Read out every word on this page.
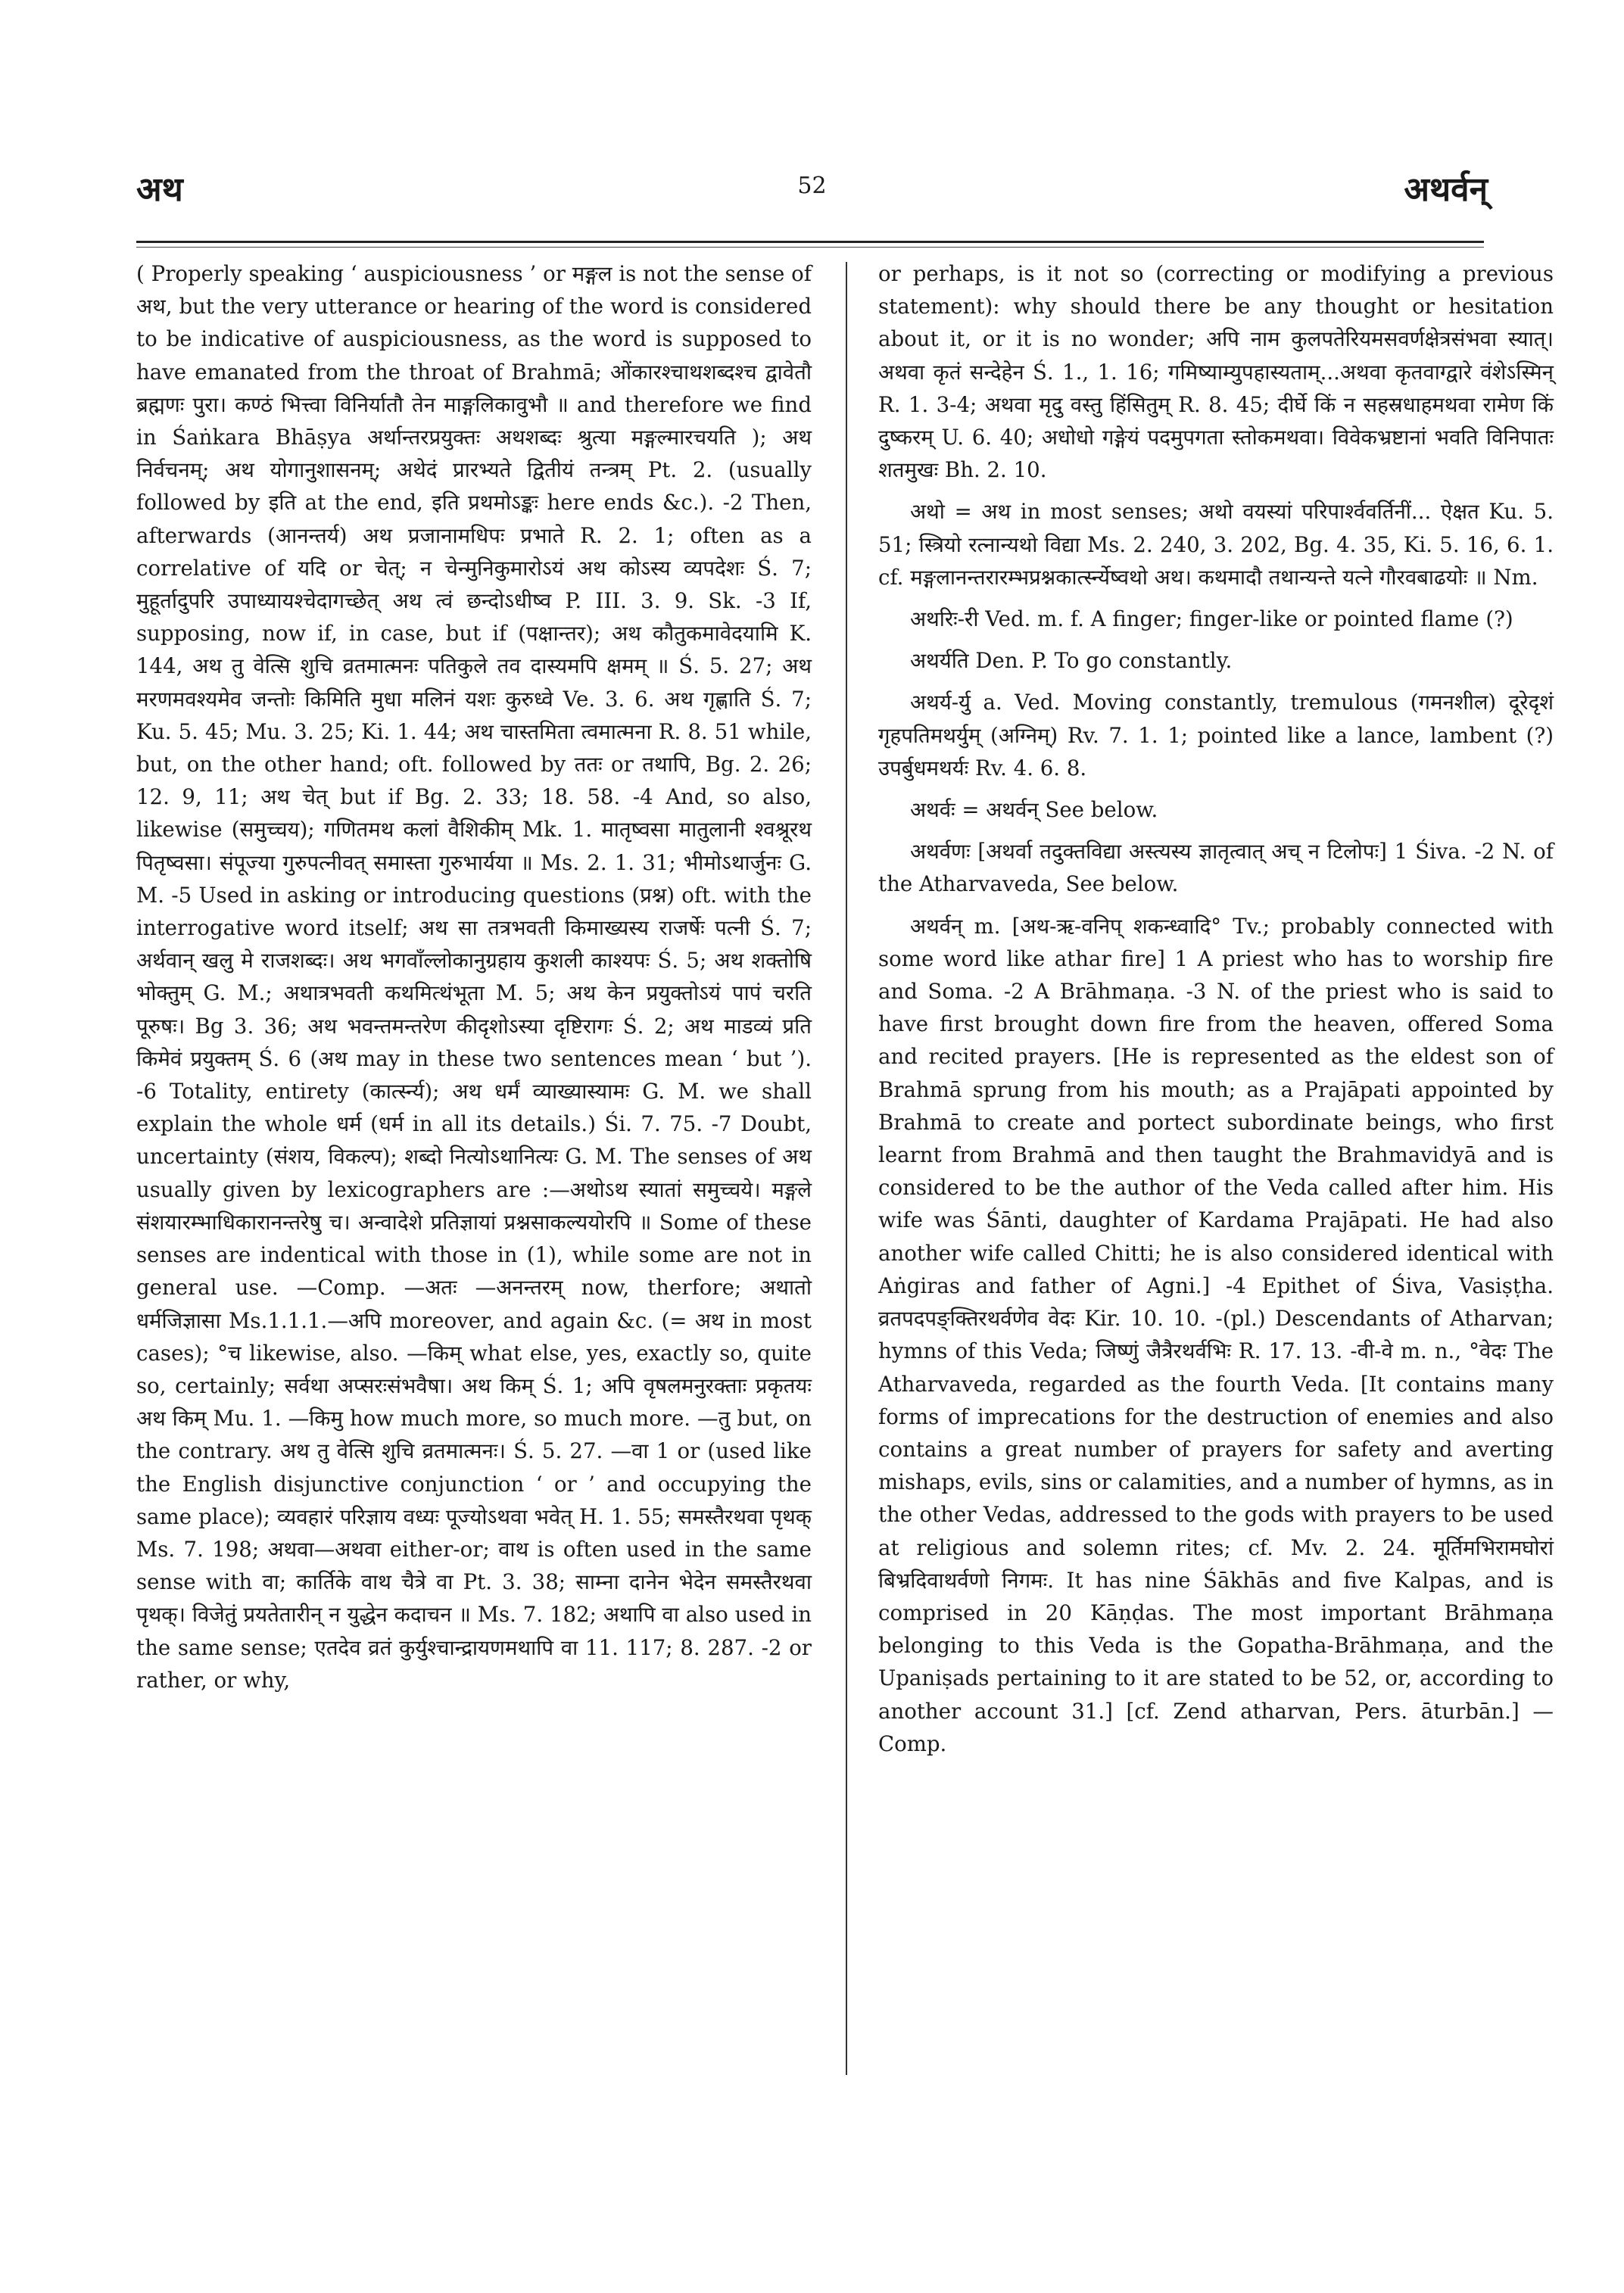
अथ	52	अथर्वन्

( Properly speaking ‘ auspiciousness ’ or मङ्गल is not the sense of अथ, but the very utterance or hearing of the word is considered to be indicative of auspiciousness, as the word is supposed to have emanated from the throat of Brahmā; ओंकारश्चाथशब्दश्च द्वावेतौ ब्रह्मणः पुरा। कण्ठं भित्त्वा विनिर्यातौ तेन माङ्गलिकावुभौ ॥ and therefore we find in Śaṅkara Bhāṣya अर्थान्तरप्रयुक्तः अथशब्दः श्रुत्या मङ्गल्मारचयति ); अथ निर्वचनम्; अथ योगानुशासनम्; अथेदं प्रारभ्यते द्वितीयं तन्त्रम् Pt. 2. (usually followed by इति at the end, इति प्रथमोऽङ्कः here ends &c.). -2 Then, afterwards (आनन्तर्य) अथ प्रजानामधिपः प्रभाते R. 2. 1; often as a correlative of यदि or चेत्; न चेन्मुनिकुमारोऽयं अथ कोऽस्य व्यपदेशः Ś. 7; मुहूर्तादुपरि उपाध्यायश्चेदागच्छेत् अथ त्वं छन्दोऽधीष्व P. III. 3. 9. Sk. -3 If, supposing, now if, in case, but if (पक्षान्तर); अथ कौतुकमावेदयामि K. 144, अथ तु वेत्सि शुचि व्रतमात्मनः पतिकुले तव दास्यमपि क्षमम् ॥ Ś. 5. 27; अथ मरणमवश्यमेव जन्तोः किमिति मुधा मलिनं यशः कुरुध्वे Ve. 3. 6. अथ गृह्णाति Ś. 7; Ku. 5. 45; Mu. 3. 25; Ki. 1. 44; अथ चास्तमिता त्वमात्मना R. 8. 51 while, but, on the other hand; oft. followed by ततः or तथापि, Bg. 2. 26; 12. 9, 11; अथ चेत् but if Bg. 2. 33; 18. 58. -4 And, so also, likewise (समुच्चय); गणितमथ कलां वैशिकीम् Mk. 1. मातृष्वसा मातुलानी श्वश्रूरथ पितृष्वसा। संपूज्या गुरुपत्नीवत् समास्ता गुरुभार्यया ॥ Ms. 2. 1. 31; भीमोऽथार्जुनः G. M. -5 Used in asking or introducing questions (प्रश्न) oft. with the interrogative word itself; अथ सा तत्रभवती किमाख्यस्य राजर्षेः पत्नी Ś. 7; अर्थवान् खलु मे राजशब्दः। अथ भगवाँल्लोकानुग्रहाय कुशली काश्यपः Ś. 5; अथ शक्तोषि भोक्तुम् G. M.; अथात्रभवती कथमित्थंभूता M. 5; अथ केन प्रयुक्तोऽयं पापं चरति पूरुषः। Bg 3. 36; अथ भवन्तमन्तरेण कीदृशोऽस्या दृष्टिरागः Ś. 2; अथ माडव्यं प्रति किमेवं प्रयुक्तम् Ś. 6 (अथ may in these two sentences mean ‘ but ’). -6 Totality, entirety (कार्त्स्न्य); अथ धर्मं व्याख्यास्यामः G. M. we shall explain the whole धर्म (धर्म in all its details.) Śi. 7. 75. -7 Doubt, uncertainty (संशय, विकल्प); शब्दो नित्योऽथानित्यः G. M. The senses of अथ usually given by lexicographers are :—अथोऽथ स्यातां समुच्चये। मङ्गले संशयारम्भाधिकारानन्तरेषु च। अन्वादेशे प्रतिज्ञायां प्रश्नसाकल्ययोरपि ॥ Some of these senses are indentical with those in (1), while some are not in general use. —Comp. —अतः —अनन्तरम् now, therfore; अथातो धर्मजिज्ञासा Ms.1.1.1.—अपि moreover, and again &c. (= अथ in most cases); °च likewise, also. —किम् what else, yes, exactly so, quite so, certainly; सर्वथा अप्सरःसंभवैषा। अथ किम् Ś. 1; अपि वृषलमनुरक्ताः प्रकृतयः अथ किम् Mu. 1. —किमु how much more, so much more. —तु but, on the contrary. अथ तु वेत्सि शुचि व्रतमात्मनः। Ś. 5. 27. —वा 1 or (used like the English disjunctive conjunction ‘ or ’ and occupying the same place); व्यवहारं परिज्ञाय वध्यः पूज्योऽथवा भवेत् H. 1. 55; समस्तैरथवा पृथक् Ms. 7. 198; अथवा—अथवा either-or; वाथ is often used in the same sense with वा; कार्तिके वाथ चैत्रे वा Pt. 3. 38; साम्ना दानेन भेदेन समस्तैरथवा पृथक्। विजेतुं प्रयतेतारीन् न युद्धेन कदाचन ॥ Ms. 7. 182; अथापि वा also used in the same sense; एतदेव व्रतं कुर्युश्चान्द्रायणमथापि वा 11. 117; 8. 287. -2 or rather, or why,

or perhaps, is it not so (correcting or modifying a previous statement): why should there be any thought or hesitation about it, or it is no wonder; अपि नाम कुलपतेरियमसवर्णक्षेत्रसंभवा स्यात्। अथवा कृतं सन्देहेन Ś. 1., 1. 16; गमिष्याम्युपहास्यताम्...अथवा कृतवाग्द्वारे वंशेऽस्मिन् R. 1. 3-4; अथवा मृदु वस्तु हिंसितुम् R. 8. 45; दीर्घे किं न सहस्रधाहमथवा रामेण किं दुष्करम् U. 6. 40; अधोधो गङ्गेयं पदमुपगता स्तोकमथवा। विवेकभ्रष्टानां भवति विनिपातः शतमुखः Bh. 2. 10.

अथो = अथ in most senses; अथो वयस्यां परिपार्श्ववर्तिनीं... ऐक्षत Ku. 5. 51; स्त्रियो रत्नान्यथो विद्या Ms. 2. 240, 3. 202, Bg. 4. 35, Ki. 5. 16, 6. 1. cf. मङ्गलानन्तरारम्भप्रश्नकार्त्स्न्येष्वथो अथ। कथमादौ तथान्यन्ते यत्ने गौरवबाढयोः ॥ Nm.

अथरिः-री Ved. m. f. A finger; finger-like or pointed flame (?)

अथर्यति Den. P. To go constantly.

अथर्य-र्यु a. Ved. Moving constantly, tremulous (गमनशील) दूरेदृशं गृहपतिमथर्युम् (अग्निम्) Rv. 7. 1. 1; pointed like a lance, lambent (?) उपर्बुधमथर्यः Rv. 4. 6. 8.

अथर्वः = अथर्वन् See below.

अथर्वणः [अथर्वा तदुक्तविद्या अस्त्यस्य ज्ञातृत्वात् अच् न टिलोपः] 1 Śiva. -2 N. of the Atharvaveda, See below.

अथर्वन् m. [अथ-ऋ-वनिप् शकन्ध्वादि° Tv.; probably connected with some word like athar fire] 1 A priest who has to worship fire and Soma. -2 A Brāhmaṇa. -3 N. of the priest who is said to have first brought down fire from the heaven, offered Soma and recited prayers. [He is represented as the eldest son of Brahmā sprung from his mouth; as a Prajāpati appointed by Brahmā to create and portect subordinate beings, who first learnt from Brahmā and then taught the Brahmavidyā and is considered to be the author of the Veda called after him. His wife was Śānti, daughter of Kardama Prajāpati. He had also another wife called Chitti; he is also considered identical with Aṅgiras and father of Agni.] -4 Epithet of Śiva, Vasiṣṭha. व्रतपदपङ्क्तिरथर्वणेव वेदः Kir. 10. 10. -(pl.) Descendants of Atharvan; hymns of this Veda; जिष्णुं जैत्रैरथर्वभिः R. 17. 13. -वी-वे m. n., °वेदः The Atharvaveda, regarded as the fourth Veda. [It contains many forms of imprecations for the destruction of enemies and also contains a great number of prayers for safety and averting mishaps, evils, sins or calamities, and a number of hymns, as in the other Vedas, addressed to the gods with prayers to be used at religious and solemn rites; cf. Mv. 2. 24. मूर्तिमभिरामघोरां बिभ्रदिवाथर्वणो निगमः. It has nine Śākhās and five Kalpas, and is comprised in 20 Kāṇḍas. The most important Brāhmaṇa belonging to this Veda is the Gopatha-Brāhmaṇa, and the Upaniṣads pertaining to it are stated to be 52, or, according to another account 31.] [cf. Zend atharvan, Pers. āturbān.] —Comp.
